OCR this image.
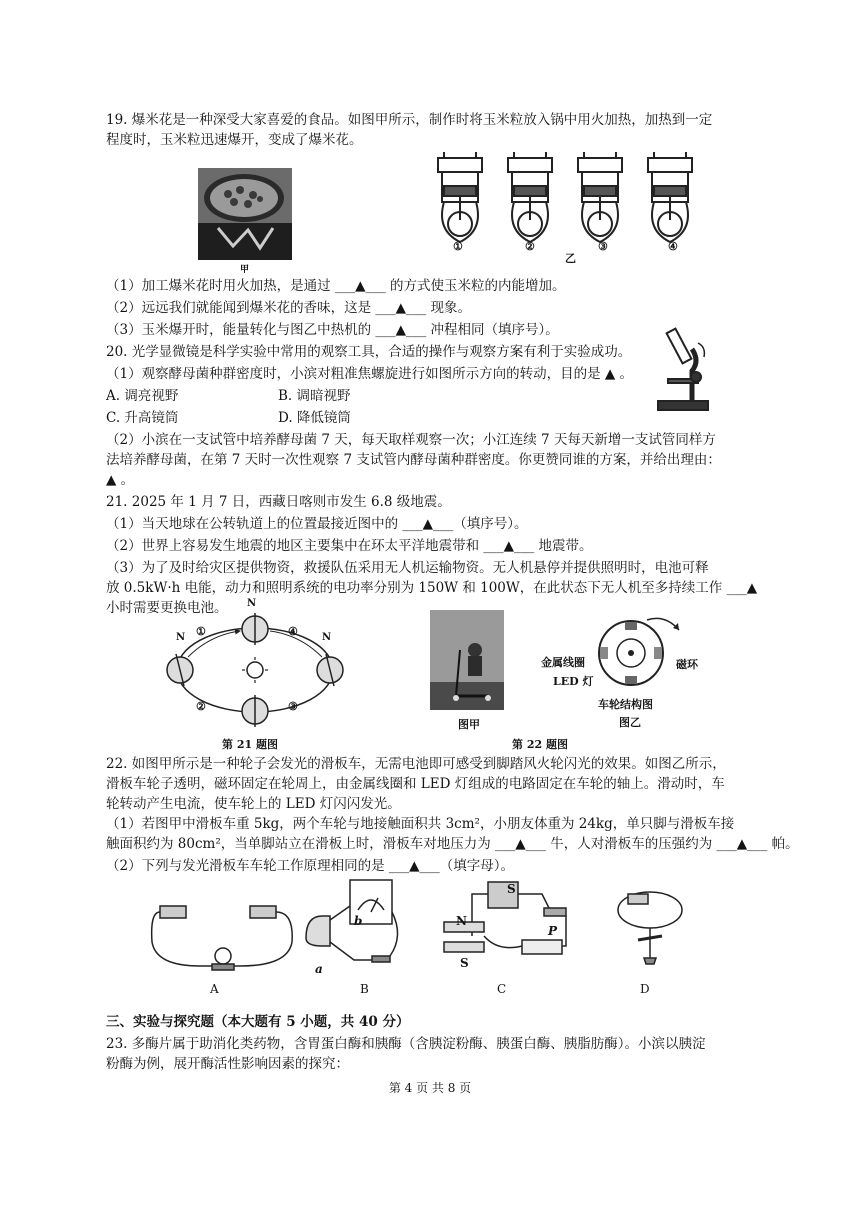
19. 爆米花是一种深受大家喜爱的食品。如图甲所示，制作时将玉米粒放入锅中用火加热，加热到一定
程度时，玉米粒迅速爆开，变成了爆米花。
甲
①	②	③	④
乙
（1）加工爆米花时用火加热，是通过 ___▲___ 的方式使玉米粒的内能增加。
（2）远远我们就能闻到爆米花的香味，这是 ___▲___ 现象。
（3）玉米爆开时，能量转化与图乙中热机的 ___▲___ 冲程相同（填序号）。
20. 光学显微镜是科学实验中常用的观察工具，合适的操作与观察方案有利于实验成功。
（1）观察酵母菌种群密度时，小滨对粗准焦螺旋进行如图所示方向的转动，目的是 ▲ 。
A. 调亮视野	B. 调暗视野
C. 升高镜筒	D. 降低镜筒
（2）小滨在一支试管中培养酵母菌 7 天，每天取样观察一次；小江连续 7 天每天新增一支试管同样方
法培养酵母菌，在第 7 天时一次性观察 7 支试管内酵母菌种群密度。你更赞同谁的方案，并给出理由：
▲ 。
21. 2025 年 1 月 7 日，西藏日喀则市发生 6.8 级地震。
（1）当天地球在公转轨道上的位置最接近图中的 ___▲___（填序号）。
（2）世界上容易发生地震的地区主要集中在环太平洋地震带和 ___▲___ 地震带。
（3）为了及时给灾区提供物资，救援队伍采用无人机运输物资。无人机悬停并提供照明时，电池可释
放 0.5kW·h 电能，动力和照明系统的电功率分别为 150W 和 100W，在此状态下无人机至多持续工作 ___▲
小时需要更换电池。 N
N	N
①
②	③
④
第 21 题图
图甲
金属线圈
LED 灯
磁环
车轮结构图
图乙
第 22 题图
22. 如图甲所示是一种轮子会发光的滑板车，无需电池即可感受到脚踏风火轮闪光的效果。如图乙所示，
滑板车轮子透明，磁环固定在轮周上，由金属线圈和 LED 灯组成的电路固定在车轮的轴上。滑动时，车
轮转动产生电流，使车轮上的 LED 灯闪闪发光。
（1）若图甲中滑板车重 5kg，两个车轮与地接触面积共 3cm²，小朋友体重为 24kg，单只脚与滑板车接
触面积约为 80cm²，当单脚站立在滑板上时，滑板车对地压力为 ___▲___ 牛，人对滑板车的压强约为 ___▲___ 帕。
（2）下列与发光滑板车车轮工作原理相同的是 ___▲___（填字母）。
S
b
a
N
S
P
A	B	C	D
三、实验与探究题（本大题有 5 小题，共 40 分）
23. 多酶片属于助消化类药物，含胃蛋白酶和胰酶（含胰淀粉酶、胰蛋白酶、胰脂肪酶）。小滨以胰淀
粉酶为例，展开酶活性影响因素的探究：
第 4 页 共 8 页
